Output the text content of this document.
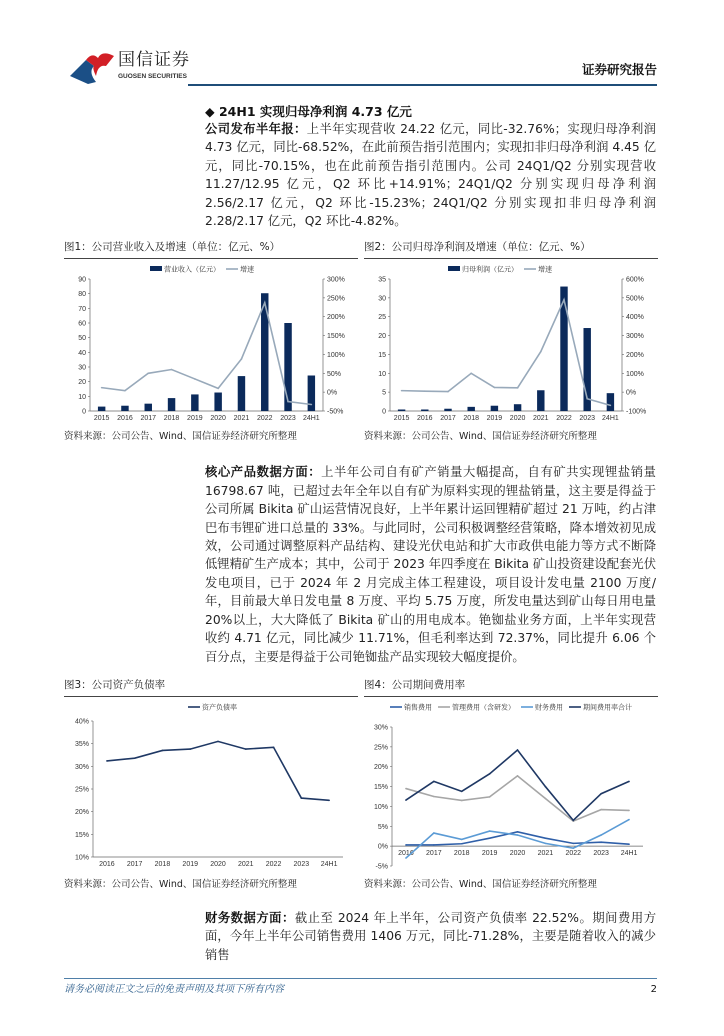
国信证券
GUOSEN SECURITIES	证券研究报告
◆ 24H1 实现归母净利润 4.73 亿元
公司发布半年报：上半年实现营收 24.22 亿元，同比-32.76%；实现归母净利润 4.73 亿元，同比-68.52%，在此前预告指引范围内；实现扣非归母净利润 4.45 亿元，同比-70.15%，也在此前预告指引范围内。公司 24Q1/Q2 分别实现营收 11.27/12.95 亿元，Q2 环比+14.91%；24Q1/Q2 分别实现归母净利润 2.56/2.17 亿元，Q2 环比-15.23%；24Q1/Q2 分别实现扣非归母净利润 2.28/2.17 亿元，Q2 环比-4.82%。
图1：公司营业收入及增速（单位：亿元、%）
0
10
20
30
40
50
60
70
80
90
-50%
0%
50%
100%
150%
200%
250%
300%
2015 2016 2017 2018 2019 2020 2021 2022 2023 24H1
营业收入（亿元）	增速
资料来源：公司公告、Wind、国信证券经济研究所整理
图2：公司归母净利润及增速（单位：亿元、%）
0
5
10
15
20
25
30
35
-100%
0%
100%
200%
300%
400%
500%
600%
2015 2016 2017 2018 2019 2020 2021 2022 2023 24H1
归母利润（亿元）	增速
资料来源：公司公告、Wind、国信证券经济研究所整理
核心产品数据方面：上半年公司自有矿产销量大幅提高，自有矿共实现锂盐销量 16798.67 吨，已超过去年全年以自有矿为原料实现的锂盐销量，这主要是得益于公司所属 Bikita 矿山运营情况良好，上半年累计运回锂精矿超过 21 万吨，约占津巴布韦锂矿进口总量的 33%。与此同时，公司积极调整经营策略，降本增效初见成效，公司通过调整原料产品结构、建设光伏电站和扩大市政供电能力等方式不断降低锂精矿生产成本；其中，公司于 2023 年四季度在 Bikita 矿山投资建设配套光伏发电项目，已于 2024 年 2 月完成主体工程建设，项目设计发电量 2100 万度/年，目前最大单日发电量 8 万度、平均 5.75 万度，所发电量达到矿山每日用电量 20%以上，大大降低了 Bikita 矿山的用电成本。铯铷盐业务方面，上半年实现营收约 4.71 亿元，同比减少 11.71%，但毛利率达到 72.37%，同比提升 6.06 个百分点，主要是得益于公司铯铷盐产品实现较大幅度提价。
图3：公司资产负债率
10%
15%
20%
25%
30%
35%
40%
2016 2017 2018 2019 2020 2021 2022 2023 24H1
资产负债率
资料来源：公司公告、Wind、国信证券经济研究所整理
图4：公司期间费用率
-5%
0%
5%
10%
15%
20%
25%
30%
2016 2017 2018 2019 2020 2021 2022 2023 24H1
销售费用	管理费用（含研发）	财务费用	期间费用率合计
资料来源：公司公告、Wind、国信证券经济研究所整理
财务数据方面：截止至 2024 年上半年，公司资产负债率 22.52%。期间费用方面，今年上半年公司销售费用 1406 万元，同比-71.28%，主要是随着收入的减少销售
请务必阅读正文之后的免责声明及其项下所有内容	2
